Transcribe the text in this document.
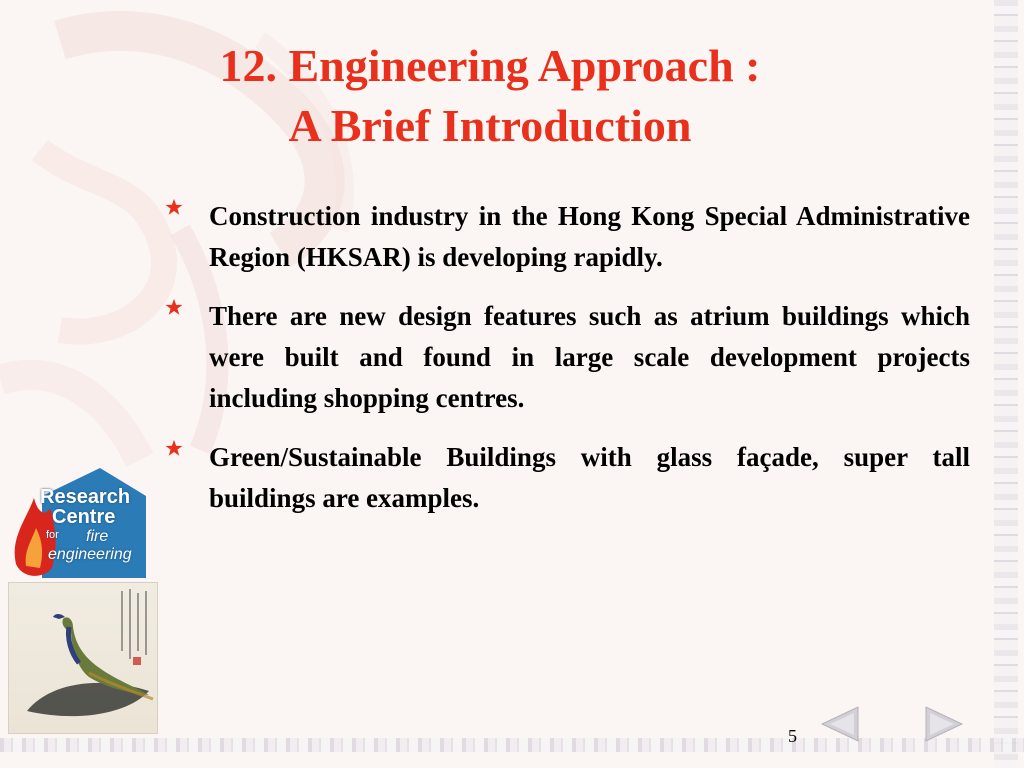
12. Engineering Approach :
A Brief Introduction
Construction industry in the Hong Kong Special Administrative Region (HKSAR) is developing rapidly.
There are new design features such as atrium buildings which were built and found in large scale development projects including shopping centres.
Green/Sustainable Buildings with glass façade, super tall buildings are examples.
Research
Centre
for fire
engineering
5
